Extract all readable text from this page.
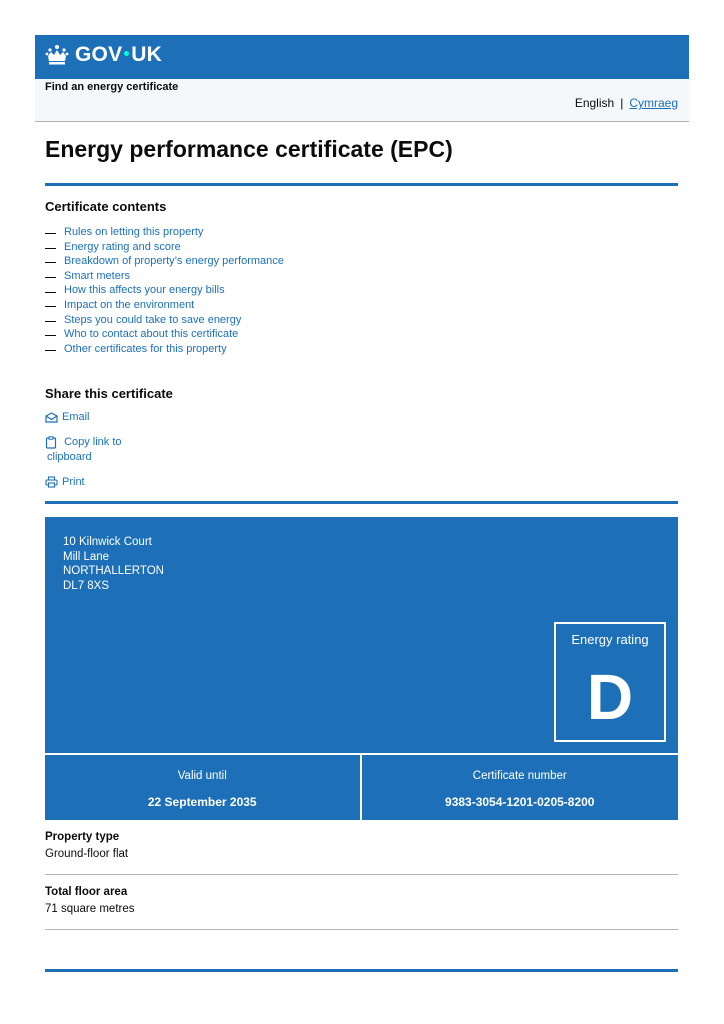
GOV UK
Find an energy certificate
English | Cymraeg
Energy performance certificate (EPC)
Certificate contents
Rules on letting this property
Energy rating and score
Breakdown of property’s energy performance
Smart meters
How this affects your energy bills
Impact on the environment
Steps you could take to save energy
Who to contact about this certificate
Other certificates for this property
Share this certificate
Email
Copy link to
clipboard
Print
10 Kilnwick Court
Mill Lane
NORTHALLERTON
DL7 8XS
Energy rating
D
Valid until
22 September 2035
Certificate number
9383-3054-1201-0205-8200
Property type
Ground-floor flat
Total floor area
71 square metres
